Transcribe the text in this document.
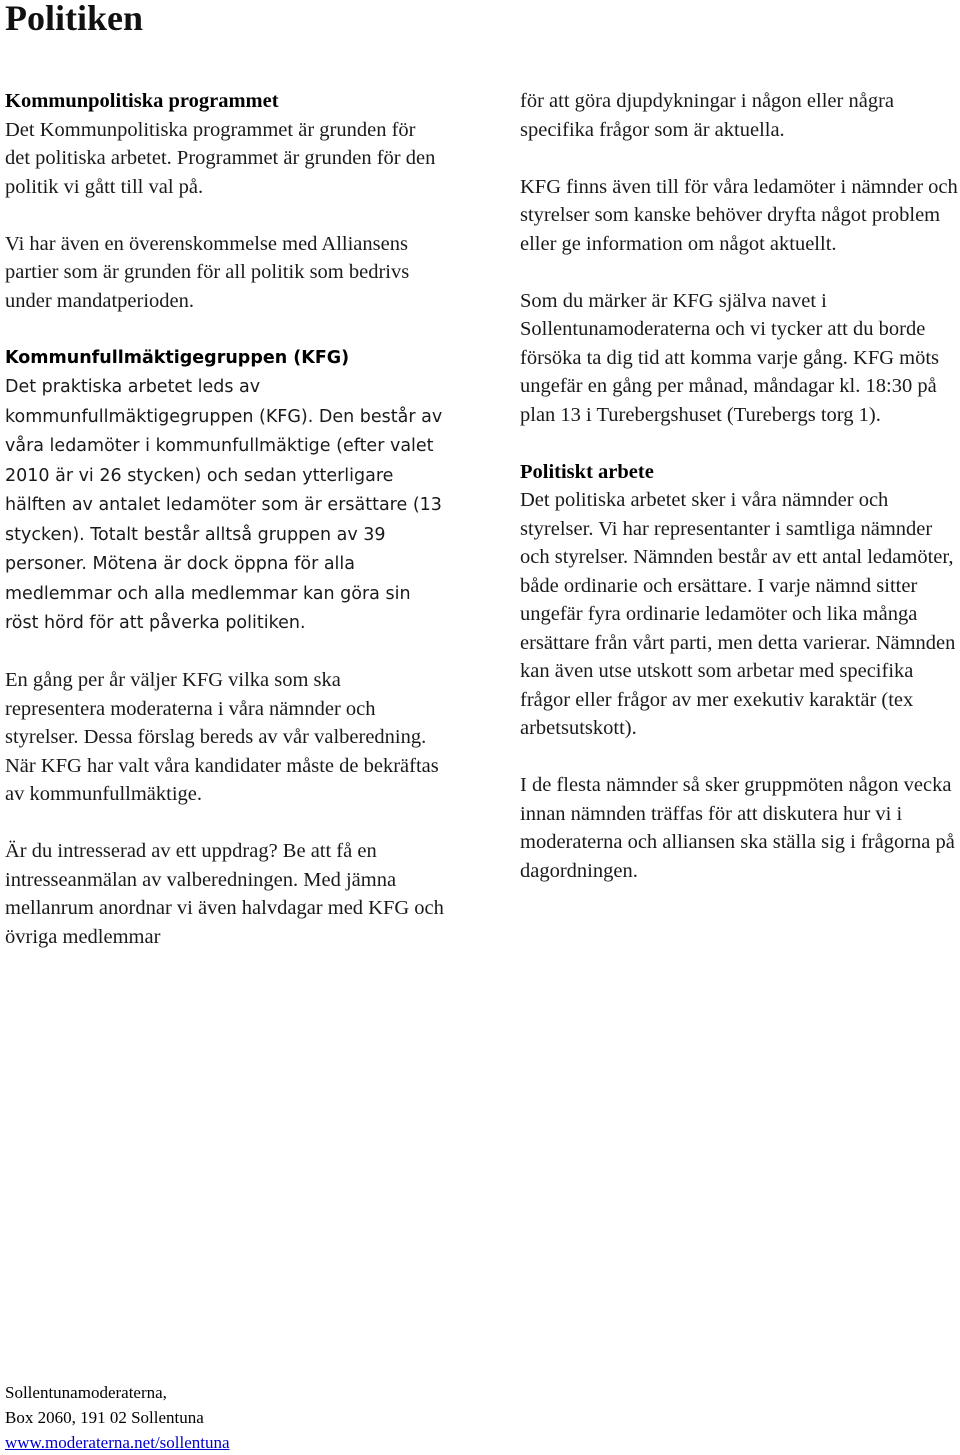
Politiken

Kommunpolitiska programmet
Det Kommunpolitiska programmet är grunden för det politiska arbetet. Programmet är grunden för den politik vi gått till val på.

Vi har även en överenskommelse med Alliansens partier som är grunden för all politik som bedrivs under mandatperioden.

Kommunfullmäktigegruppen (KFG)
Det praktiska arbetet leds av kommunfullmäktigegruppen (KFG). Den består av våra ledamöter i kommunfullmäktige (efter valet 2010 är vi 26 stycken) och sedan ytterligare hälften av antalet ledamöter som är ersättare (13 stycken). Totalt består alltså gruppen av 39 personer. Mötena är dock öppna för alla medlemmar och alla medlemmar kan göra sin röst hörd för att påverka politiken.

En gång per år väljer KFG vilka som ska representera moderaterna i våra nämnder och styrelser. Dessa förslag bereds av vår valberedning. När KFG har valt våra kandidater måste de bekräftas av kommunfullmäktige.

Är du intresserad av ett uppdrag? Be att få en intresseanmälan av valberedningen. Med jämna mellanrum anordnar vi även halvdagar med KFG och övriga medlemmar

för att göra djupdykningar i någon eller några specifika frågor som är aktuella.

KFG finns även till för våra ledamöter i nämnder och styrelser som kanske behöver dryfta något problem eller ge information om något aktuellt.

Som du märker är KFG själva navet i Sollentunamoderaterna och vi tycker att du borde försöka ta dig tid att komma varje gång. KFG möts ungefär en gång per månad, måndagar kl. 18:30 på plan 13 i Turebergshuset (Turebergs torg 1).

Politiskt arbete
Det politiska arbetet sker i våra nämnder och styrelser. Vi har representanter i samtliga nämnder och styrelser. Nämnden består av ett antal ledamöter, både ordinarie och ersättare. I varje nämnd sitter ungefär fyra ordinarie ledamöter och lika många ersättare från vårt parti, men detta varierar. Nämnden kan även utse utskott som arbetar med specifika frågor eller frågor av mer exekutiv karaktär (tex arbetsutskott).

I de flesta nämnder så sker gruppmöten någon vecka innan nämnden träffas för att diskutera hur vi i moderaterna och alliansen ska ställa sig i frågorna på dagordningen.

Sollentunamoderaterna,
Box 2060, 191 02 Sollentuna
www.moderaterna.net/sollentuna
